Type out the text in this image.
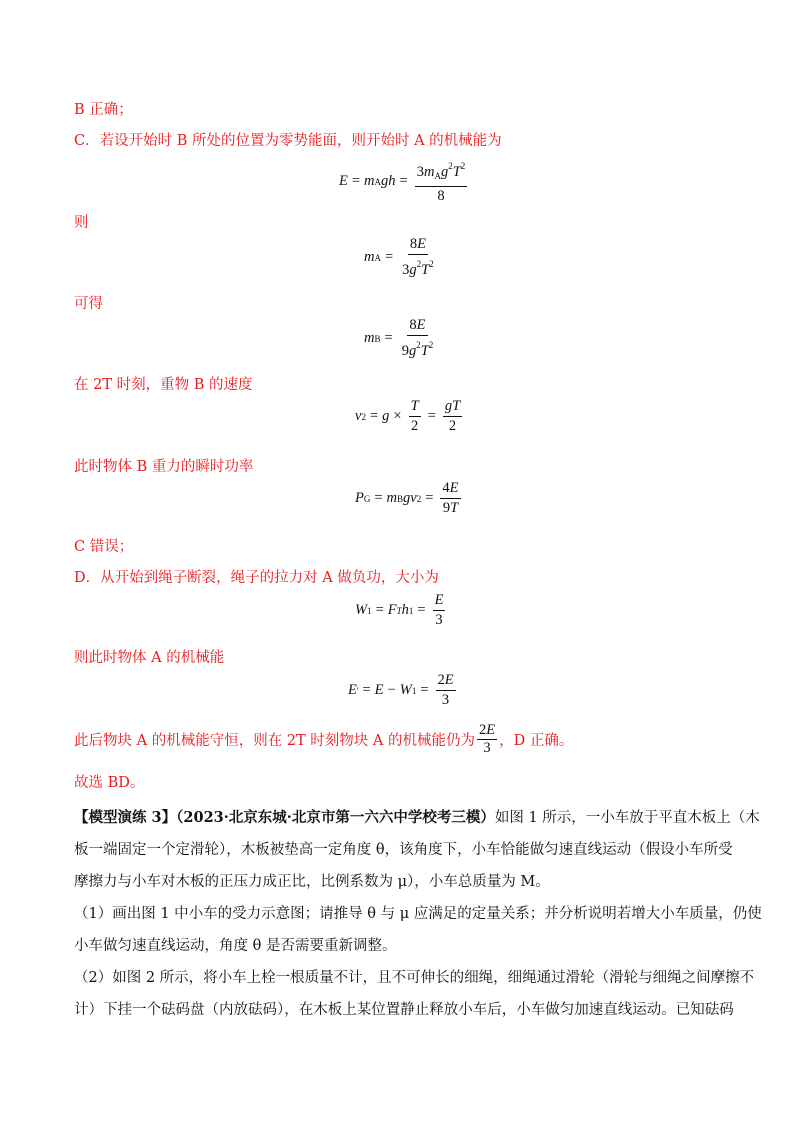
B 正确；
C．若设开始时 B 所处的位置为零势能面，则开始时 A 的机械能为
E = m A gh = $\frac{3m_Ag^2T^2}{8}$
则
m $A = \frac{8E}{3g^2T^2}$
可得
m $B = \frac{8E}{9g^2T^2}$
在 2T 时刻，重物 B 的速度
v $2 = g \times \frac{T}{2} = \frac{gT}{2}$
此时物体 B 重力的瞬时功率
P G = m B gv $2 = \frac{4E}{9T}$
C 错误；
D．从开始到绳子断裂，绳子的拉力对 A 做负功，大小为
W 1 = F T h $1 = \frac{E}{3}$
则此时物体 A 的机械能
E ' = E − W $1 = \frac{2E}{3}$
此后物块 A 的机械能守恒，则在 2T 时刻物块 A 的机械能仍为 $\frac{2E}{3}$ ，D 正确。
故选 BD。
【模型演练 3】（2023·北京东城·北京市第一六六中学校考三模）如图 1 所示，一小车放于平直木板上（木
板一端固定一个定滑轮），木板被垫高一定角度 θ，该角度下，小车恰能做匀速直线运动（假设小车所受
摩擦力与小车对木板的正压力成正比，比例系数为 μ），小车总质量为 M。
（1）画出图 1 中小车的受力示意图；请推导 θ 与 μ 应满足的定量关系；并分析说明若增大小车质量，仍使
小车做匀速直线运动，角度 θ 是否需要重新调整。
（2）如图 2 所示，将小车上栓一根质量不计，且不可伸长的细绳，细绳通过滑轮（滑轮与细绳之间摩擦不
计）下挂一个砝码盘（内放砝码），在木板上某位置静止释放小车后，小车做匀加速直线运动。已知砝码
